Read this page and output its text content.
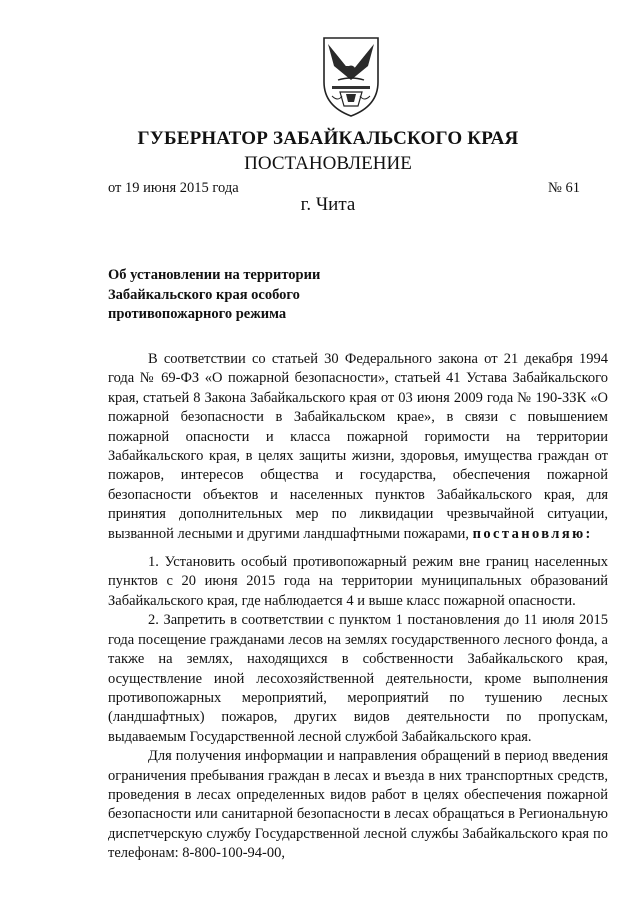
ГУБЕРНАТОР ЗАБАЙКАЛЬСКОГО КРАЯ
ПОСТАНОВЛЕНИЕ
от 19 июня 2015 года	№ 61
г. Чита
Об установлении на территории
Забайкальского края особого
противопожарного режима

В соответствии со статьей 30 Федерального закона от 21 декабря 1994 года № 69-ФЗ «О пожарной безопасности», статьей 41 Устава Забайкальского края, статьей 8 Закона Забайкальского края от 03 июня 2009 года № 190-ЗЗК «О пожарной безопасности в Забайкальском крае», в связи с повышением пожарной опасности и класса пожарной горимости на территории Забайкальского края, в целях защиты жизни, здоровья, имущества граждан от пожаров, интересов общества и государства, обеспечения пожарной безопасности объектов и населенных пунктов Забайкальского края, для принятия дополнительных мер по ликвидации чрезвычайной ситуации, вызванной лесными и другими ландшафтными пожарами, постановляю:

1. Установить особый противопожарный режим вне границ населенных пунктов с 20 июня 2015 года на территории муниципальных образований Забайкальского края, где наблюдается 4 и выше класс пожарной опасности.

2. Запретить в соответствии с пунктом 1 постановления до 11 июля 2015 года посещение гражданами лесов на землях государственного лесного фонда, а также на землях, находящихся в собственности Забайкальского края, осуществление иной лесохозяйственной деятельности, кроме выполнения противопожарных мероприятий, мероприятий по тушению лесных (ландшафтных) пожаров, других видов деятельности по пропускам, выдаваемым Государственной лесной службой Забайкальского края.

Для получения информации и направления обращений в период введения ограничения пребывания граждан в лесах и въезда в них транспортных средств, проведения в лесах определенных видов работ в целях обеспечения пожарной безопасности или санитарной безопасности в лесах обращаться в Региональную диспетчерскую службу Государственной лесной службы Забайкальского края по телефонам: 8-800-100-94-00,
